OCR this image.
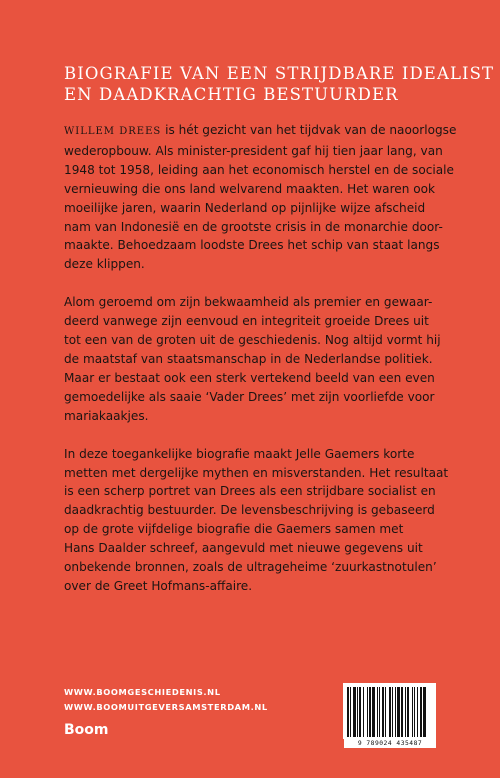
BIOGRAFIE VAN EEN STRIJDBARE IDEALIST
EN DAADKRACHTIG BESTUURDER
WILLEM DREES is hét gezicht van het tijdvak van de naoorlogse
wederopbouw. Als minister-president gaf hij tien jaar lang, van
1948 tot 1958, leiding aan het economisch herstel en de sociale
vernieuwing die ons land welvarend maakten. Het waren ook
moeilijke jaren, waarin Nederland op pijnlijke wijze afscheid
nam van Indonesië en de grootste crisis in de monarchie door-
maakte. Behoedzaam loodste Drees het schip van staat langs
deze klippen.
Alom geroemd om zijn bekwaamheid als premier en gewaar-
deerd vanwege zijn eenvoud en integriteit groeide Drees uit
tot een van de groten uit de geschiedenis. Nog altijd vormt hij
de maatstaf van staatsmanschap in de Nederlandse politiek.
Maar er bestaat ook een sterk vertekend beeld van een even
gemoedelijke als saaie ‘Vader Drees’ met zijn voorliefde voor
mariakaakjes.
In deze toegankelijke biografie maakt Jelle Gaemers korte
metten met dergelijke mythen en misverstanden. Het resultaat
is een scherp portret van Drees als een strijdbare socialist en
daadkrachtig bestuurder. De levensbeschrijving is gebaseerd
op de grote vijfdelige biografie die Gaemers samen met
Hans Daalder schreef, aangevuld met nieuwe gegevens uit
onbekende bronnen, zoals de ultrageheime ‘zuurkastnotulen’
over de Greet Hofmans-affaire.
WWW.BOOMGESCHIEDENIS.NL
WWW.BOOMUITGEVERSAMSTERDAM.NL
Boom
9 789024 435487
